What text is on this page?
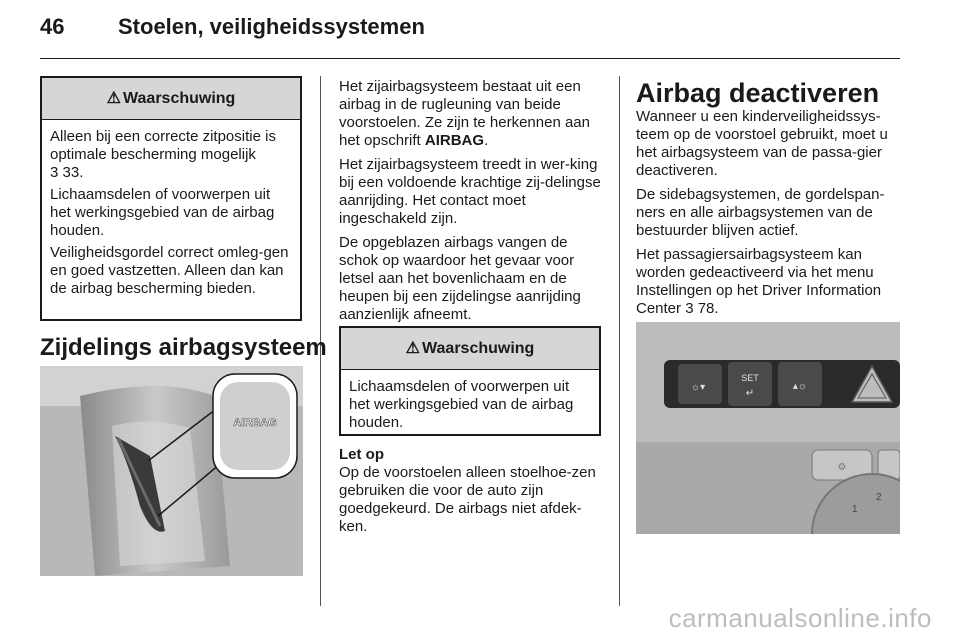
46 Stoelen, veiligheidssystemen
⚠ Waarschuwing

Alleen bij een correcte zitpositie is optimale bescherming mogelijk
3 33.

Lichaamsdelen of voorwerpen uit het werkingsgebied van de airbag houden.

Veiligheidsgordel correct omleg-gen en goed vastzetten. Alleen dan kan de airbag bescherming bieden.

Zijdelings airbagsysteem
AIRBAG

Het zijairbagsysteem bestaat uit een airbag in de rugleuning van beide voorstoelen. Ze zijn te herkennen aan het opschrift AIRBAG.

Het zijairbagsysteem treedt in wer-king bij een voldoende krachtige zij-delingse aanrijding. Het contact moet ingeschakeld zijn.

De opgeblazen airbags vangen de schok op waardoor het gevaar voor letsel aan het bovenlichaam en de heupen bij een zijdelingse aanrijding aanzienlijk afneemt.

⚠ Waarschuwing

Lichaamsdelen of voorwerpen uit het werkingsgebied van de airbag houden.

Let op
Op de voorstoelen alleen stoelhoe-zen gebruiken die voor de auto zijn goedgekeurd. De airbags niet afdek-ken.
Airbag deactiveren

Wanneer u een kinderveiligheidssys-teem op de voorstoel gebruikt, moet u het airbagsysteem van de passa-gier deactiveren.

De sidebagsystemen, de gordelspan-ners en alle airbagsystemen van de bestuurder blijven actief.

Het passagiersairbagsysteem kan worden gedeactiveerd via het menu Instellingen op het Driver Information Center 3 78.

☼▾
SET
↵
▴☼
⚙
1
2
carmanualsonline.info
